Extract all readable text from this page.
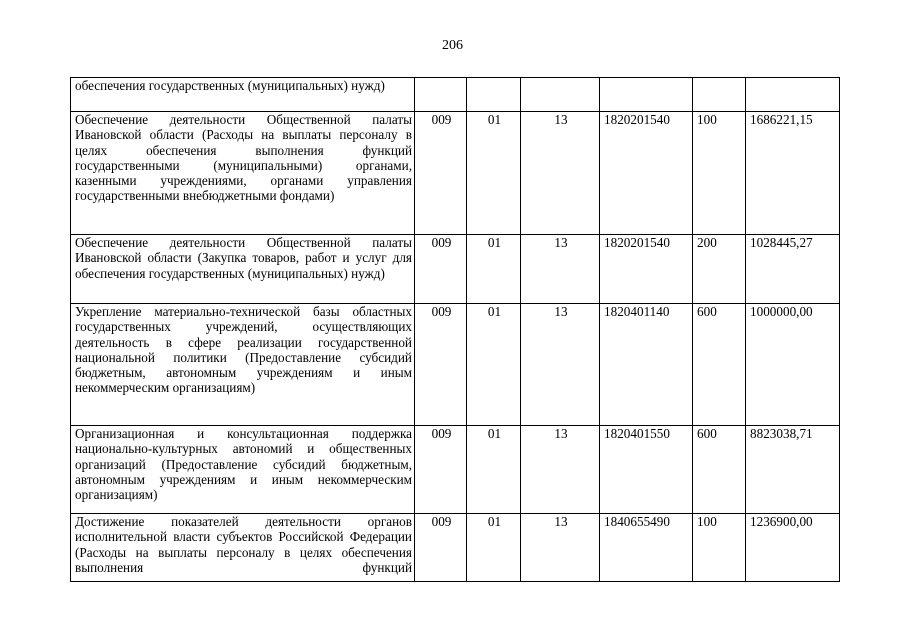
206
обеспечения государственных (муниципальных) нужд)						
Обеспечение деятельности Общественной палаты Ивановской области (Расходы на выплаты персоналу в целях обеспечения выполнения функций государственными (муниципальными) органами, казенными учреждениями, органами управления государственными внебюджетными фондами)	009	01	13	1820201540	100	1686221,15
Обеспечение деятельности Общественной палаты Ивановской области (Закупка товаров, работ и услуг для обеспечения государственных (муниципальных) нужд)	009	01	13	1820201540	200	1028445,27
Укрепление материально-технической базы областных государственных учреждений, осуществляющих деятельность в сфере реализации государственной национальной политики (Предоставление субсидий бюджетным, автономным учреждениям и иным некоммерческим организациям)	009	01	13	1820401140	600	1000000,00
Организационная и консультационная поддержка национально-культурных автономий и общественных организаций (Предоставление субсидий бюджетным, автономным учреждениям и иным некоммерческим организациям)	009	01	13	1820401550	600	8823038,71
Достижение показателей деятельности органов исполнительной власти субъектов Российской Федерации (Расходы на выплаты персоналу в целях обеспечения выполнения функций	009	01	13	1840655490	100	1236900,00
